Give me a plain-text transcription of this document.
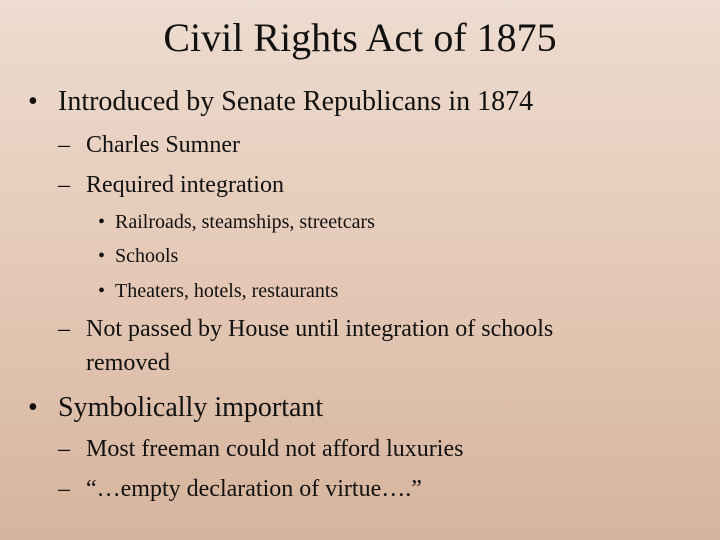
Civil Rights Act of 1875
• Introduced by Senate Republicans in 1874
– Charles Sumner
– Required integration
• Railroads, steamships, streetcars
• Schools
• Theaters, hotels, restaurants
– Not passed by House until integration of schools
removed
• Symbolically important
– Most freeman could not afford luxuries
– “…empty declaration of virtue….”
